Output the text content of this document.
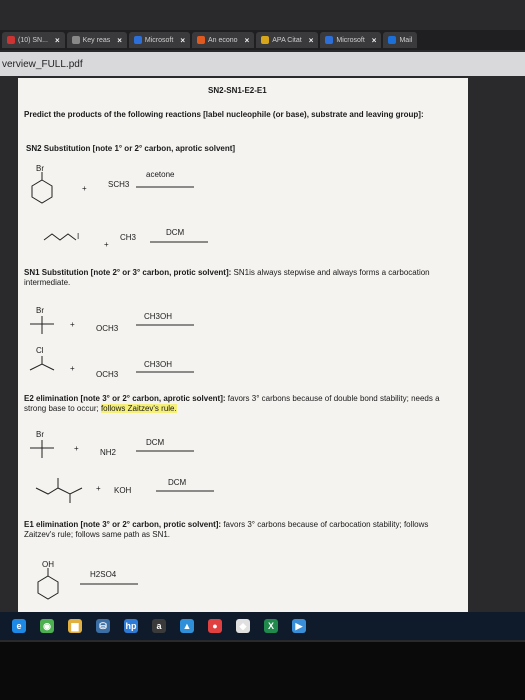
(10) SN... ×	Key reas ×	Microsoft ×	An econo ×	APA Citat ×	Microsoft ×	Mail
verview_FULL.pdf
SN2-SN1-E2-E1
Predict the products of the following reactions [label nucleophile (or base), substrate and leaving group]:
SN2 Substitution [note 1° or 2° carbon, aprotic solvent]
Br
+	SCH3
acetone
I
+
CH3
DCM
SN1 Substitution [note 2° or 3° carbon, protic solvent]: SN1is always stepwise and always forms a carbocation intermediate.
Br
+	OCH3
CH3OH
Cl
+
OCH3
CH3OH
E2 elimination [note 3° or 2° carbon, aprotic solvent]: favors 3° carbons because of double bond stability; needs a strong base to occur; follows Zaitzev's rule.
Br
+	NH2
DCM
+ KOH
DCM
E1 elimination [note 3° or 2° carbon, protic solvent]: favors 3° carbons because of carbocation stability; follows Zaitzev's rule; follows same path as SN1.
OH
H2SO4
e	◉	▆	⛁	hp	a	▲	●	◆	X	▶
